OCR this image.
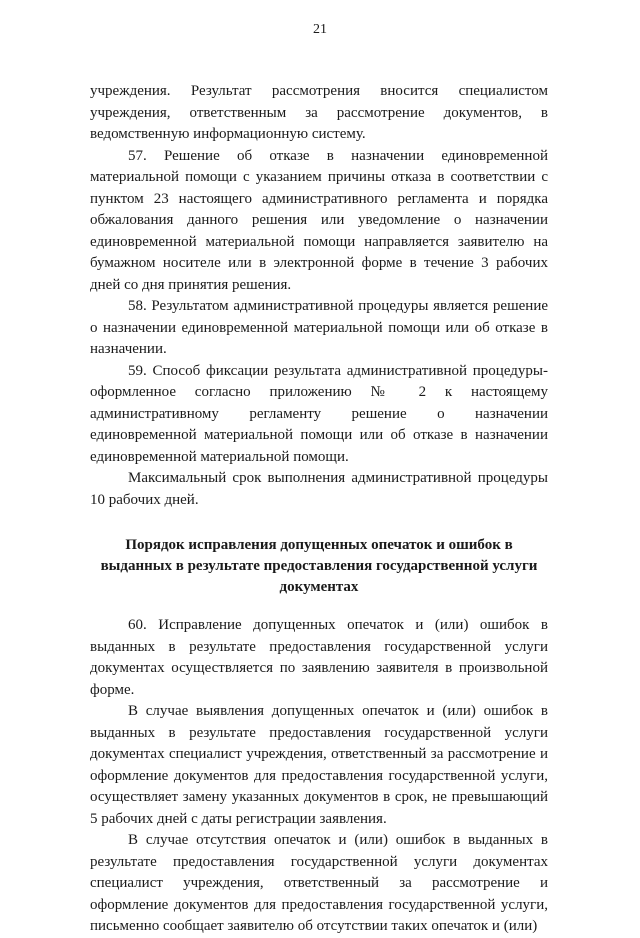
21

учреждения. Результат рассмотрения вносится специалистом учреждения, ответственным за рассмотрение документов, в ведомственную информационную систему.

57. Решение об отказе в назначении единовременной материальной помощи с указанием причины отказа в соответствии с пунктом 23 настоящего административного регламента и порядка обжалования данного решения или уведомление о назначении единовременной материальной помощи направляется заявителю на бумажном носителе или в электронной форме в течение 3 рабочих дней со дня принятия решения.

58. Результатом административной процедуры является решение о назначении единовременной материальной помощи или об отказе в назначении.

59. Способ фиксации результата административной процедуры-оформленное согласно приложению № 2 к настоящему административному регламенту решение о назначении единовременной материальной помощи или об отказе в назначении единовременной материальной помощи.

Максимальный срок выполнения административной процедуры 10 рабочих дней.

Порядок исправления допущенных опечаток и ошибок в выданных в результате предоставления государственной услуги документах

60. Исправление допущенных опечаток и (или) ошибок в выданных в результате предоставления государственной услуги документах осуществляется по заявлению заявителя в произвольной форме.

В случае выявления допущенных опечаток и (или) ошибок в выданных в результате предоставления государственной услуги документах специалист учреждения, ответственный за рассмотрение и оформление документов для предоставления государственной услуги, осуществляет замену указанных документов в срок, не превышающий 5 рабочих дней с даты регистрации заявления.

В случае отсутствия опечаток и (или) ошибок в выданных в результате предоставления государственной услуги документах специалист учреждения, ответственный за рассмотрение и оформление документов для предоставления государственной услуги, письменно сообщает заявителю об отсутствии таких опечаток и (или)
